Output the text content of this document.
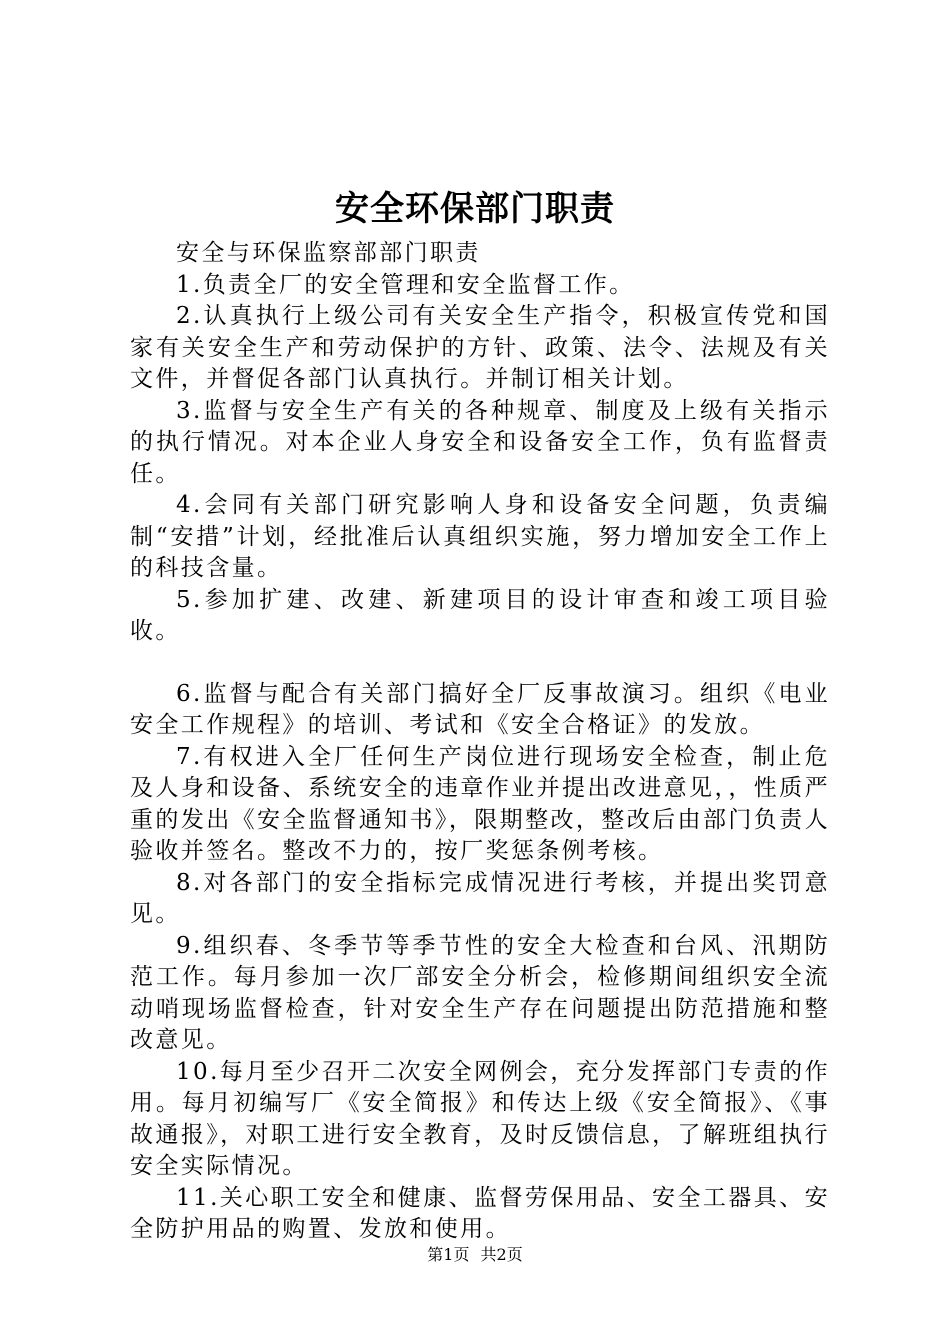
安全环保部门职责

安全与环保监察部部门职责

1.负责全厂的安全管理和安全监督工作。

2.认真执行上级公司有关安全生产指令，积极宣传党和国家有关安全生产和劳动保护的方针、政策、法令、法规及有关文件，并督促各部门认真执行。并制订相关计划。

3.监督与安全生产有关的各种规章、制度及上级有关指示的执行情况。对本企业人身安全和设备安全工作，负有监督责任。

4.会同有关部门研究影响人身和设备安全问题，负责编制“安措”计划，经批准后认真组织实施，努力增加安全工作上的科技含量。

5.参加扩建、改建、新建项目的设计审查和竣工项目验收。

6.监督与配合有关部门搞好全厂反事故演习。组织《电业安全工作规程》的培训、考试和《安全合格证》的发放。

7.有权进入全厂任何生产岗位进行现场安全检查，制止危及人身和设备、系统安全的违章作业并提出改进意见，，性质严重的发出《安全监督通知书》，限期整改，整改后由部门负责人验收并签名。整改不力的，按厂奖惩条例考核。

8.对各部门的安全指标完成情况进行考核，并提出奖罚意见。

9.组织春、冬季节等季节性的安全大检查和台风、汛期防范工作。每月参加一次厂部安全分析会，检修期间组织安全流动哨现场监督检查，针对安全生产存在问题提出防范措施和整改意见。

10.每月至少召开二次安全网例会，充分发挥部门专责的作用。每月初编写厂《安全简报》和传达上级《安全简报》、《事故通报》，对职工进行安全教育，及时反馈信息，了解班组执行安全实际情况。

11.关心职工安全和健康、监督劳保用品、安全工器具、安全防护用品的购置、发放和使用。

第1页 共2页
